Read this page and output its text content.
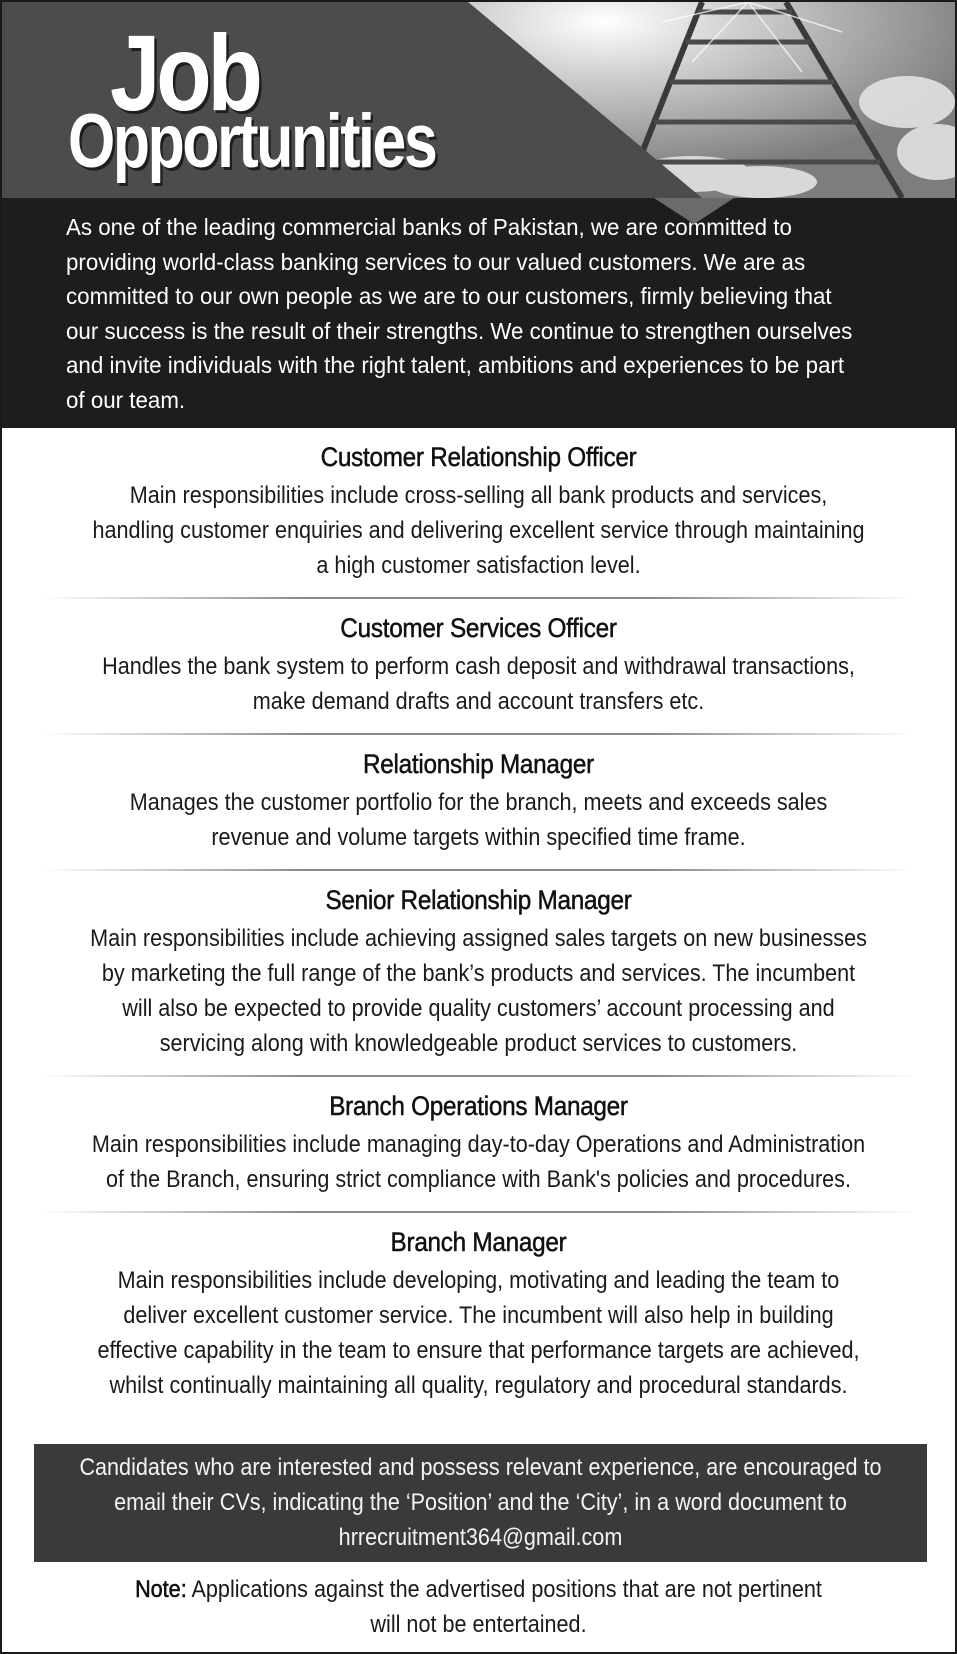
Job
Opportunities

As one of the leading commercial banks of Pakistan, we are committed to providing world-class banking services to our valued customers. We are as committed to our own people as we are to our customers, firmly believing that our success is the result of their strengths. We continue to strengthen ourselves and invite individuals with the right talent, ambitions and experiences to be part of our team.

Customer Relationship Officer

Main responsibilities include cross-selling all bank products and services, handling customer enquiries and delivering excellent service through maintaining a high customer satisfaction level.

Customer Services Officer

Handles the bank system to perform cash deposit and withdrawal transactions, make demand drafts and account transfers etc.

Relationship Manager

Manages the customer portfolio for the branch, meets and exceeds sales revenue and volume targets within specified time frame.

Senior Relationship Manager

Main responsibilities include achieving assigned sales targets on new businesses by marketing the full range of the bank’s products and services. The incumbent will also be expected to provide quality customers’ account processing and servicing along with knowledgeable product services to customers.

Branch Operations Manager

Main responsibilities include managing day-to-day Operations and Administration of the Branch, ensuring strict compliance with Bank's policies and procedures.

Branch Manager

Main responsibilities include developing, motivating and leading the team to deliver excellent customer service. The incumbent will also help in building effective capability in the team to ensure that performance targets are achieved, whilst continually maintaining all quality, regulatory and procedural standards.

Candidates who are interested and possess relevant experience, are encouraged to
email their CVs, indicating the ‘Position’ and the ‘City’, in a word document to
hrrecruitment364@gmail.com
Note: Applications against the advertised positions that are not pertinent
will not be entertained.
